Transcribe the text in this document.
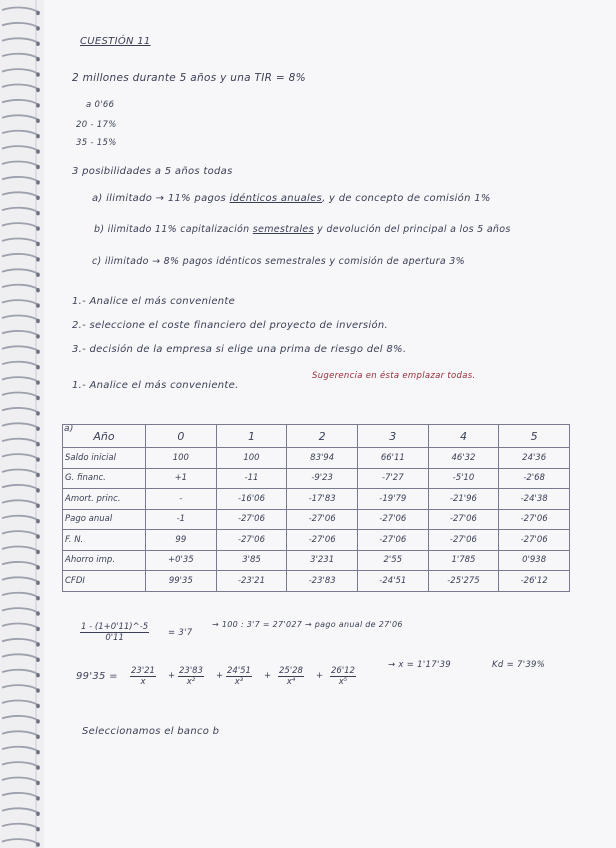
CUESTIÓN 11
2 millones durante 5 años y una TIR = 8%
a 0'66
20 - 17%
35 - 15%
3 posibilidades a 5 años todas
a) ilimitado → 11% pagos idénticos anuales, y de concepto de comisión 1%
b) ilimitado 11% capitalización semestrales y devolución del principal a los 5 años
c) ilimitado → 8% pagos idénticos semestrales y comisión de apertura 3%
1.- Analice el más conveniente
2.- seleccione el coste financiero del proyecto de inversión.
3.- decisión de la empresa si elige una prima de riesgo del 8%.
Sugerencia en ésta emplazar todas.
1.- Analice el más conveniente.
a)
Año	0	1	2	3	4	5
Saldo inicial	100	100	83'94	66'11	46'32	24'36
G. financ.	+1	-11	-9'23	-7'27	-5'10	-2'68
Amort. princ.	-	-16'06	-17'83	-19'79	-21'96	-24'38
Pago anual	-1	-27'06	-27'06	-27'06	-27'06	-27'06
F. N.	99	-27'06	-27'06	-27'06	-27'06	-27'06
Ahorro imp.	+0'35	3'85	3'231	2'55	1'785	0'938
CFDI	99'35	-23'21	-23'83	-24'51	-25'275	-26'12
$\frac{1 - (1+0'11)\^{}-5}{0'11} = 3'7$
→ 100 : 3'7 = 27'027 → pago anual de 27'06
$99'35 = \frac{23'21}{x} + \frac{23'83}{\text{x²}} + \frac{24'51}{\text{x³}} + \frac{25'28}{\text{x⁴}} + \frac{26'12}{\text{x⁵}}$
→ x = 1'17'39	Kd = 7'39%
Seleccionamos el banco b
